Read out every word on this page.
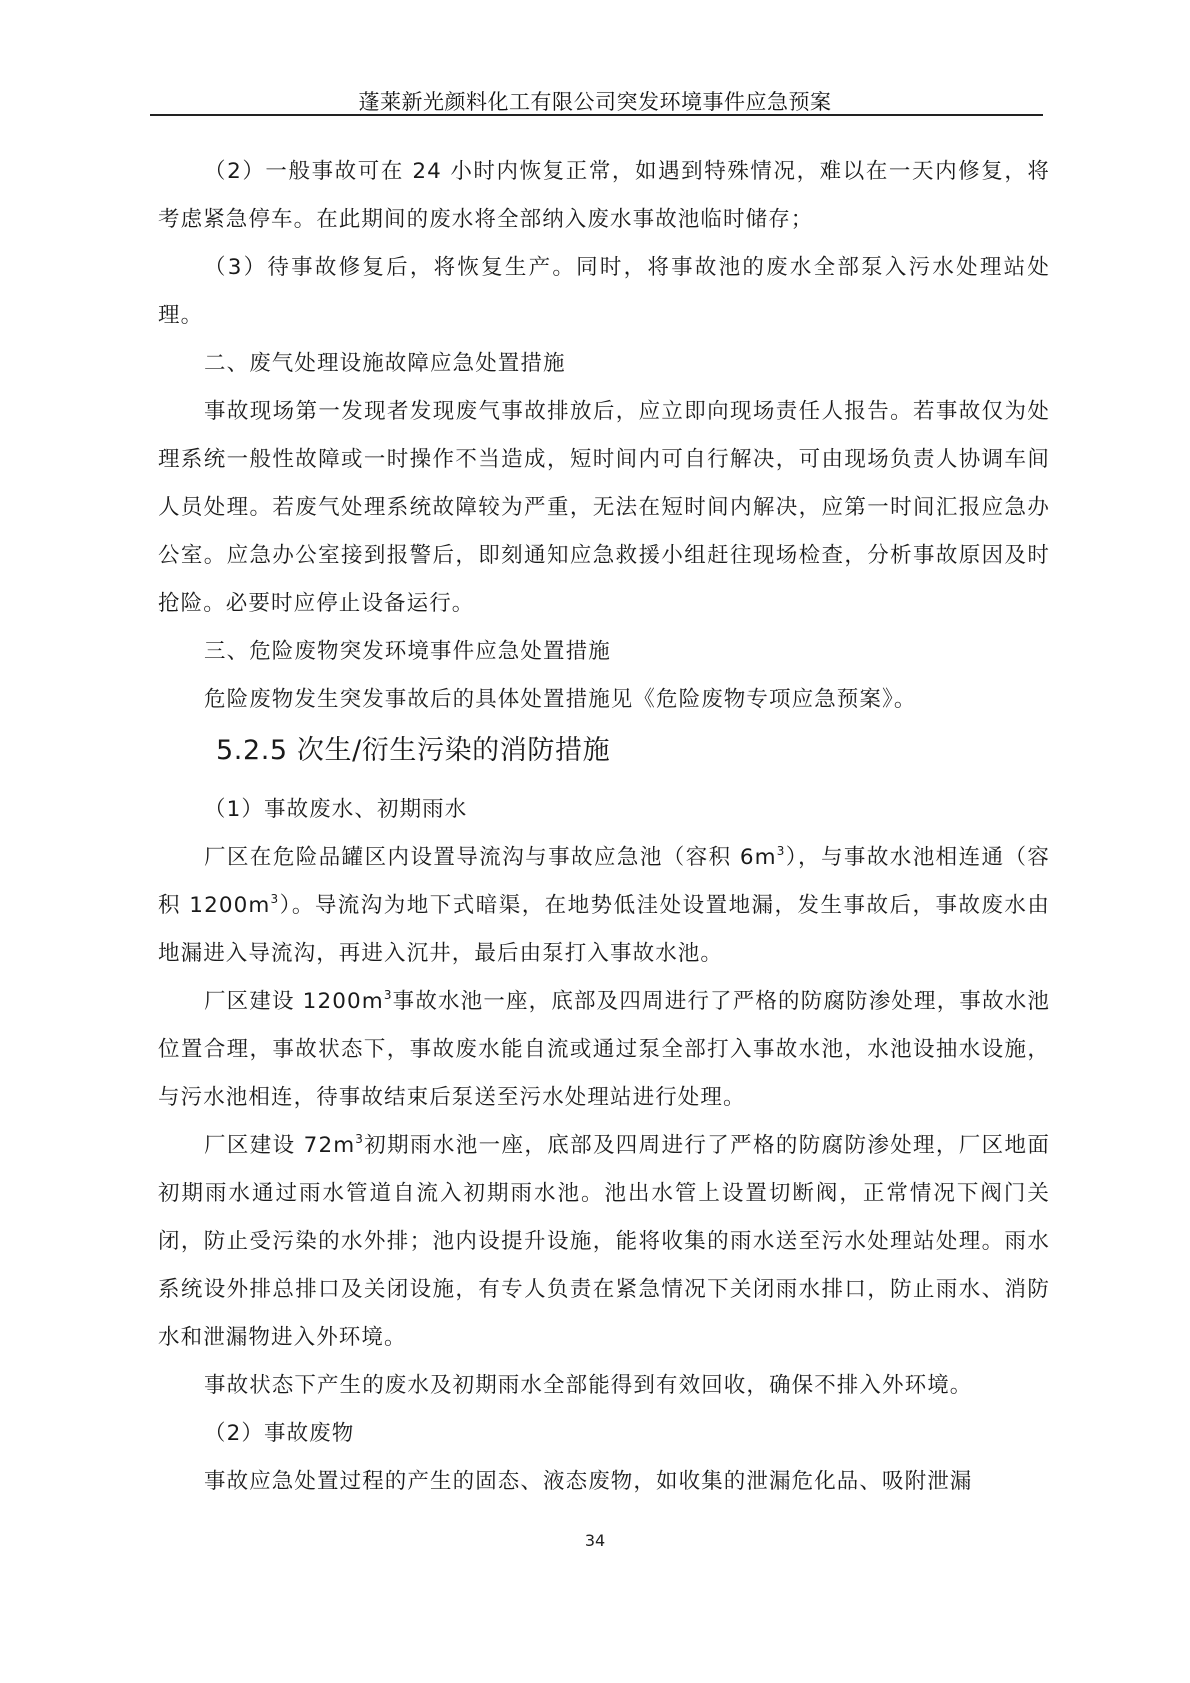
蓬莱新光颜料化工有限公司突发环境事件应急预案

（2）一般事故可在 24 小时内恢复正常，如遇到特殊情况，难以在一天内修复，将考虑紧急停车。在此期间的废水将全部纳入废水事故池临时储存；

（3）待事故修复后，将恢复生产。同时，将事故池的废水全部泵入污水处理站处理。

二、废气处理设施故障应急处置措施

事故现场第一发现者发现废气事故排放后，应立即向现场责任人报告。若事故仅为处理系统一般性故障或一时操作不当造成，短时间内可自行解决，可由现场负责人协调车间人员处理。若废气处理系统故障较为严重，无法在短时间内解决，应第一时间汇报应急办公室。应急办公室接到报警后，即刻通知应急救援小组赶往现场检查，分析事故原因及时抢险。必要时应停止设备运行。

三、危险废物突发环境事件应急处置措施

危险废物发生突发事故后的具体处置措施见《危险废物专项应急预案》。

5.2.5 次生/衍生污染的消防措施

（1）事故废水、初期雨水

厂区在危险品罐区内设置导流沟与事故应急池（容积 $6m^3$），与事故水池相连通（容积 $1200m^3$）。导流沟为地下式暗渠，在地势低洼处设置地漏，发生事故后，事故废水由地漏进入导流沟，再进入沉井，最后由泵打入事故水池。

厂区建设 $1200m^3$事故水池一座，底部及四周进行了严格的防腐防渗处理，事故水池位置合理，事故状态下，事故废水能自流或通过泵全部打入事故水池，水池设抽水设施，与污水池相连，待事故结束后泵送至污水处理站进行处理。

厂区建设 $72m^3$初期雨水池一座，底部及四周进行了严格的防腐防渗处理，厂区地面初期雨水通过雨水管道自流入初期雨水池。池出水管上设置切断阀，正常情况下阀门关闭，防止受污染的水外排；池内设提升设施，能将收集的雨水送至污水处理站处理。雨水系统设外排总排口及关闭设施，有专人负责在紧急情况下关闭雨水排口，防止雨水、消防水和泄漏物进入外环境。

事故状态下产生的废水及初期雨水全部能得到有效回收，确保不排入外环境。

（2）事故废物

事故应急处置过程的产生的固态、液态废物，如收集的泄漏危化品、吸附泄漏

34
